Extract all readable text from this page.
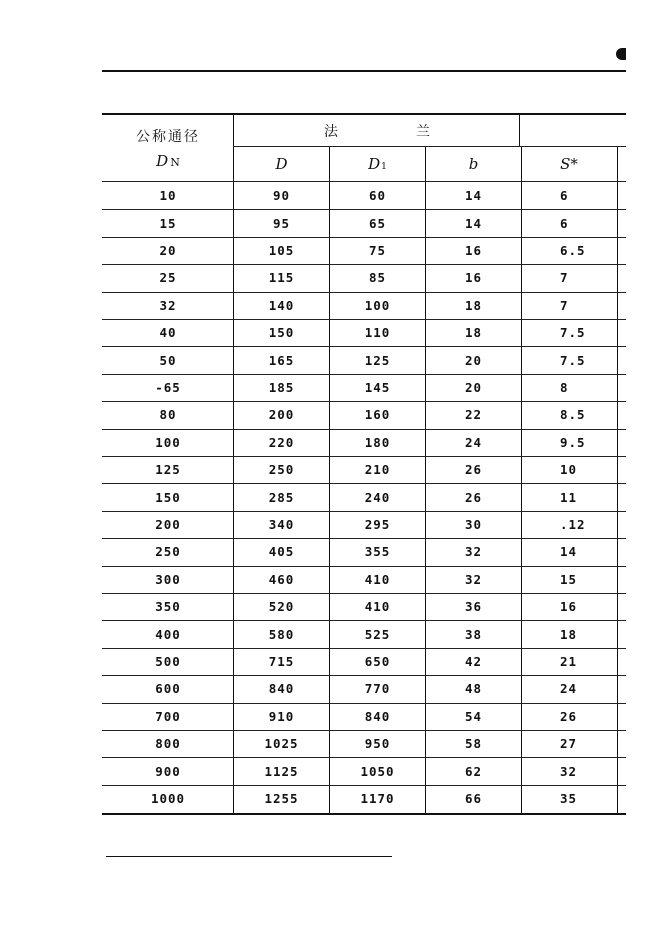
公称通径
D N
法	兰
D	D 1	b	S*
10	90	60	14	6
15	95	65	14	6
20	105	75	16	6.5
25	115	85	16	7
32	140	100	18	7
40	150	110	18	7.5
50	165	125	20	7.5
-65	185	145	20	8
80	200	160	22	8.5
100	220	180	24	9.5
125	250	210	26	10
150	285	240	26	11
200	340	295	30	.12
250	405	355	32	14
300	460	410	32	15
350	520	410	36	16
400	580	525	38	18
500	715	650	42	21
600	840	770	48	24
700	910	840	54	26
800	1025	950	58	27
900	1125	1050	62	32
1000	1255	1170	66	35
